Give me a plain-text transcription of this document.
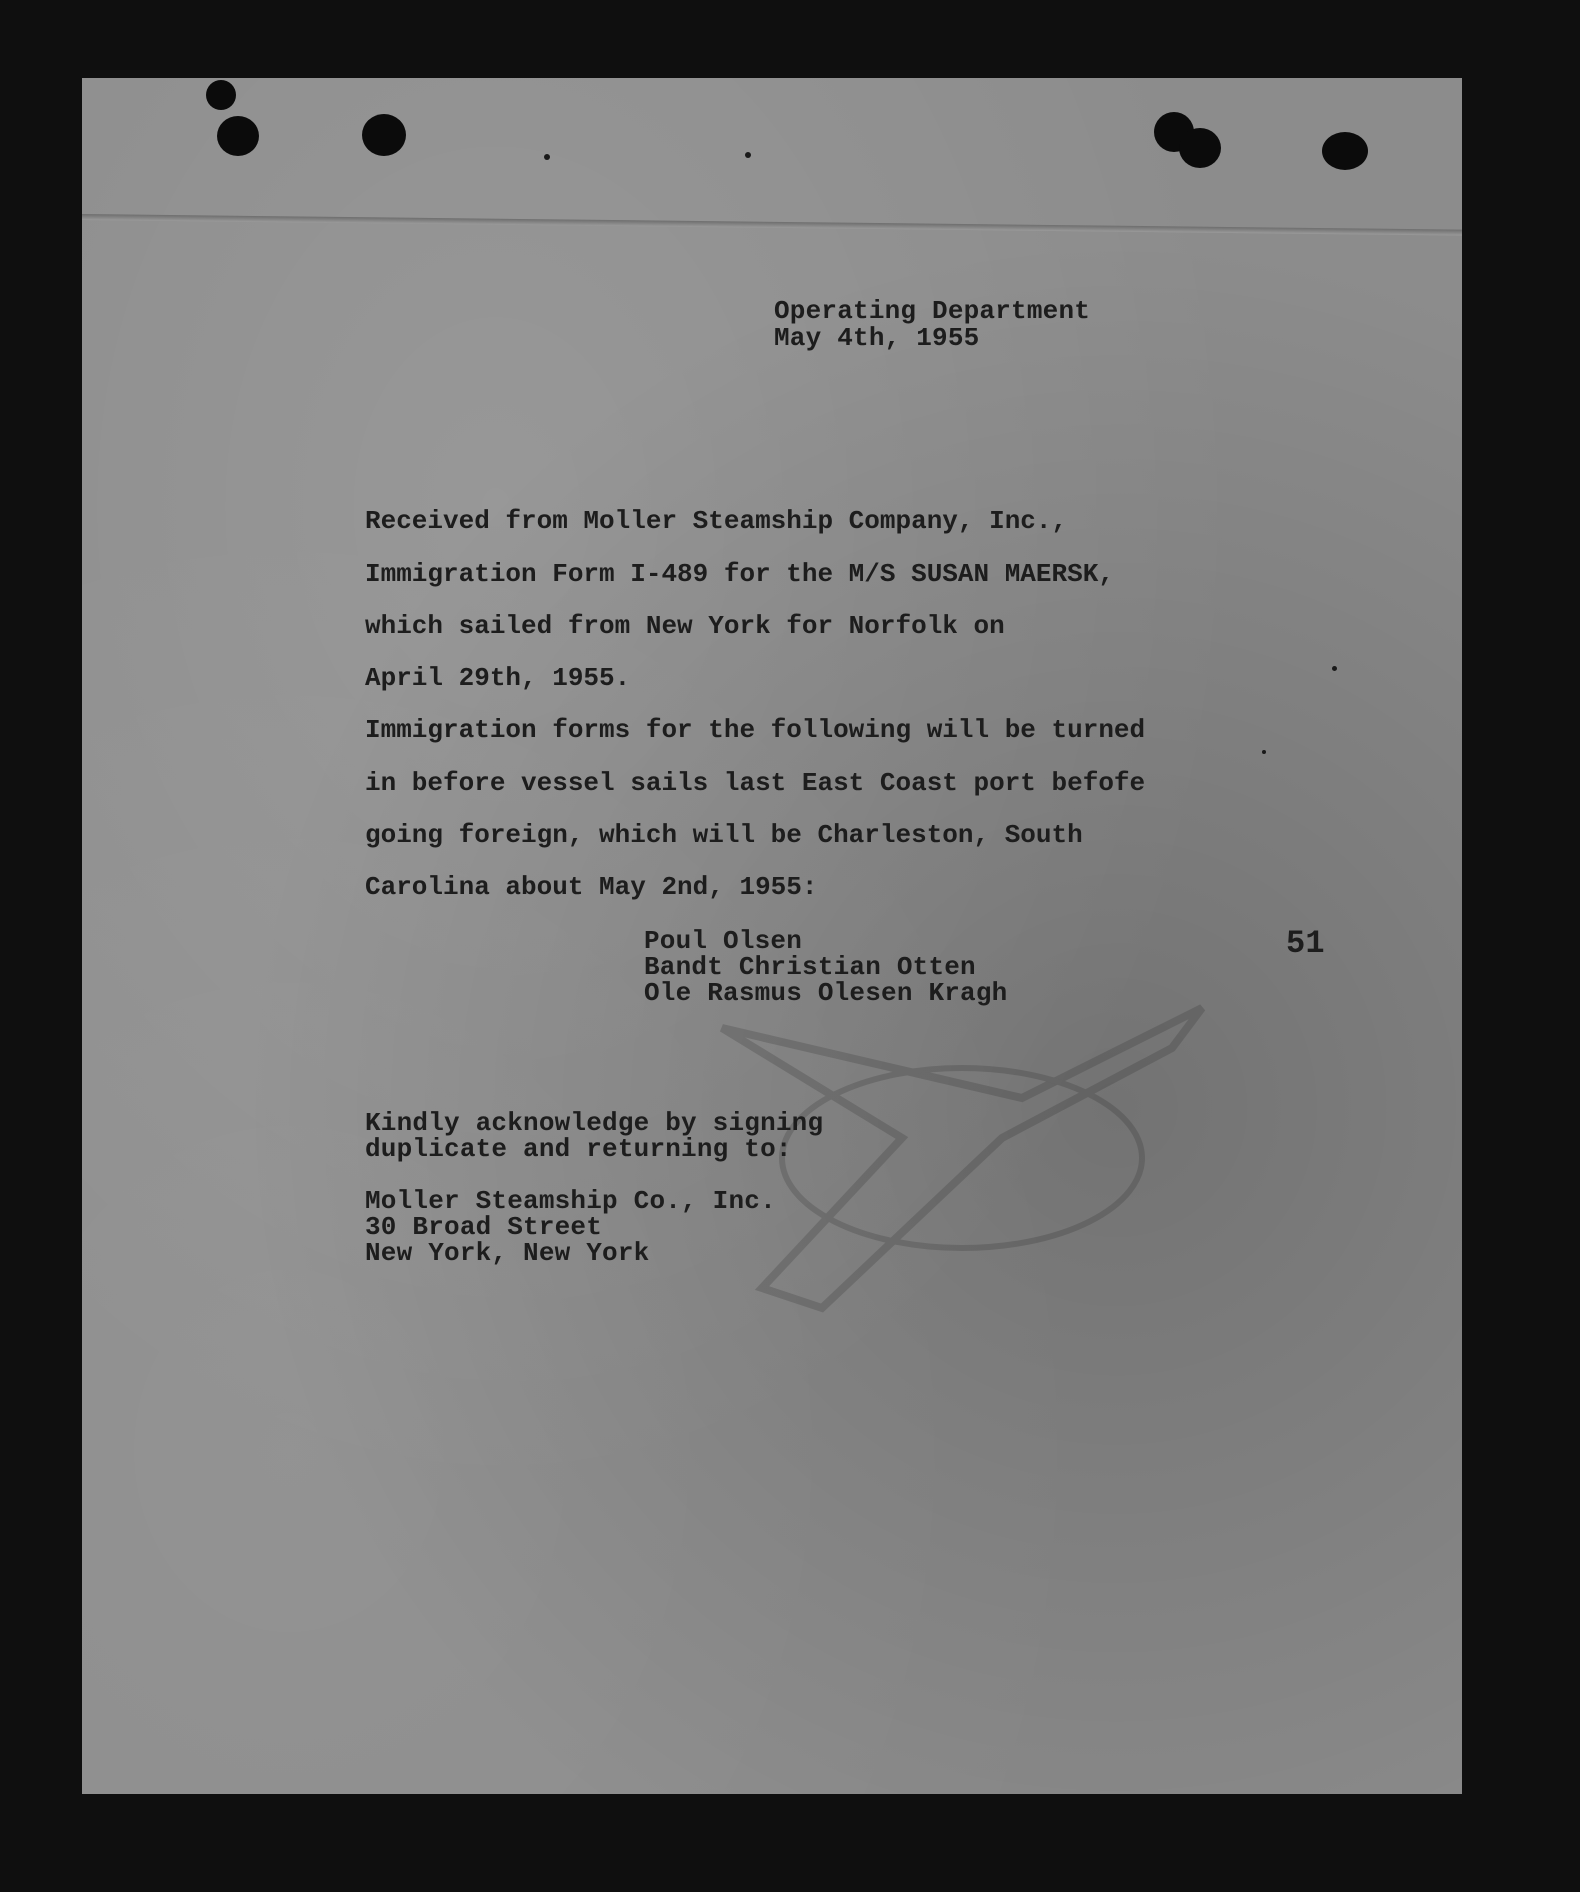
Operating Department
May 4th, 1955
Received from Moller Steamship Company, Inc.,
Immigration Form I-489 for the M/S SUSAN MAERSK,
which sailed from New York for Norfolk on
April 29th, 1955.
Immigration forms for the following will be turned
in before vessel sails last East Coast port befofe
going foreign, which will be Charleston, South
Carolina about May 2nd, 1955:
Poul Olsen
Bandt Christian Otten
Ole Rasmus Olesen Kragh
51
Kindly acknowledge by signing
duplicate and returning to:
Moller Steamship Co., Inc.
30 Broad Street
New York, New York
